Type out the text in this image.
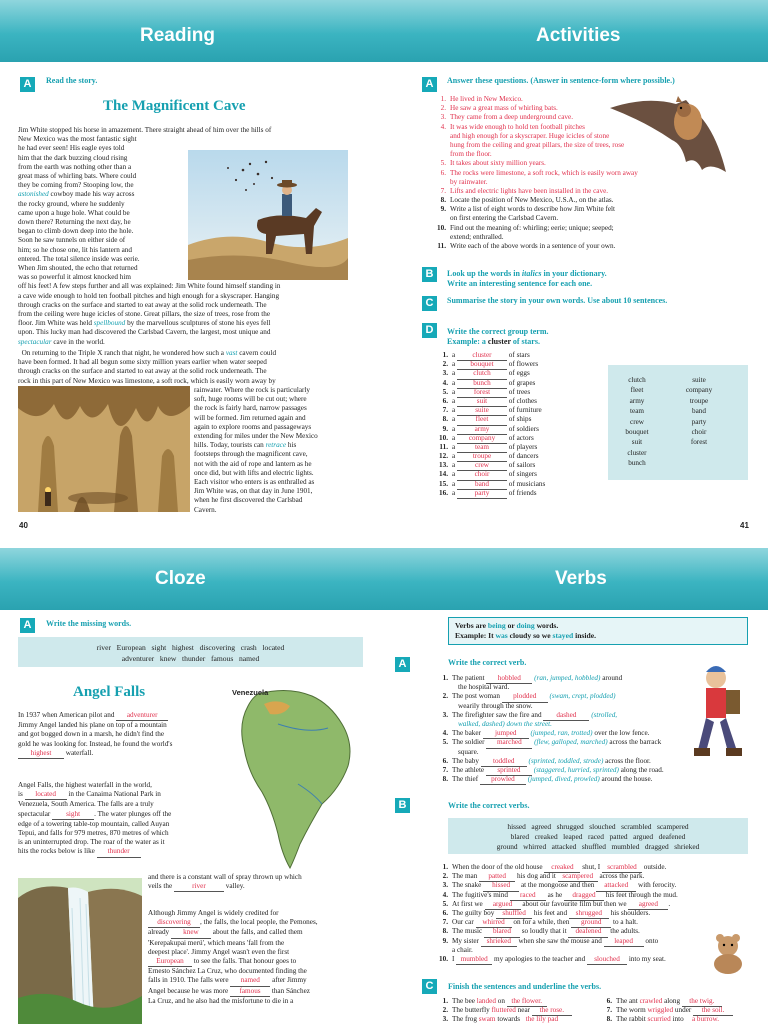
Reading	Activities
Cloze	Verbs
A	Read the story.
The Magnificent Cave
Jim White stopped his horse in amazement. There straight ahead of him over the hills of
New Mexico was the most fantastic sight
he had ever seen! His eagle eyes told
him that the dark buzzing cloud rising
from the earth was nothing other than a
great mass of whirling bats. Where could
they be coming from? Stooping low, the
astonished cowboy made his way across
the rocky ground, where he suddenly
came upon a huge hole. What could be
down there? Returning the next day, he
began to climb down deep into the hole.
Soon he saw tunnels on either side of
him; so he chose one, lit his lantern and
entered. The total silence inside was eerie.
When Jim shouted, the echo that returned
was so powerful it almost knocked him
off his feet! A few steps further and all was explained: Jim White found himself standing in
a cave wide enough to hold ten football pitches and high enough for a skyscraper. Hanging
through cracks on the surface and started to eat away at the solid rock underneath. The
from the ceiling were huge icicles of stone. Great pillars, the size of trees, rose from the
floor. Jim White was held spellbound by the marvellous sculptures of stone his eyes fell
upon. This lucky man had discovered the Carlsbad Cavern, the largest, most unique and
spectacular cave in the world.
On returning to the Triple X ranch that night, he wondered how such a vast cavern could
have been formed. It had all begun some sixty million years earlier when water seeped
through cracks on the surface and started to eat away at the solid rock underneath. The
rock in this part of New Mexico was limestone, a soft rock, which is easily worn away by
rainwater. Where the rock is particularly
soft, huge rooms will be cut out; where
the rock is fairly hard, narrow passages
will be formed. Jim returned again and
again to explore rooms and passageways
extending for miles under the New Mexico
hills. Today, tourists can retrace his
footsteps through the magnificent cave,
not with the aid of rope and lantern as he
once did, but with lifts and electric lights.
Each visitor who enters is as enthralled as
Jim White was, on that day in June 1901,
when he first discovered the Carlsbad
Cavern.
40
A	Answer these questions. (Answer in sentence-form where possible.)
1. He lived in New Mexico.
2. He saw a great mass of whirling bats.
3. They came from a deep underground cave.
4. It was wide enough to hold ten football pitches
and high enough for a skyscraper. Huge icicles of stone
hung from the ceiling and great pillars, the size of trees, rose
from the floor.
5. It takes about sixty million years.
6. The rocks were limestone, a soft rock, which is easily worn away
by rainwater.
7. Lifts and electric lights have been installed in the cave.
8. Locate the position of New Mexico, U.S.A., on the atlas.
9. Write a list of eight words to describe how Jim White felt
on first entering the Carlsbad Cavern.
10. Find out the meaning of: whirling; eerie; unique; seeped;
extend; enthralled.
11. Write each of the above words in a sentence of your own.
B	Look up the words in italics in your dictionary.
Write an interesting sentence for each one.
C	Summarise the story in your own words. Use about 10 sentences.
D	Write the correct group term.
Example: a cluster of stars.
1. a cluster of stars
2. a bouquet of flowers
3. a clutch of eggs
4. a bunch of grapes
5. a forest of trees
6. a	suit	of clothes
7. a	suite	of furniture
8. a	fleet	of ships
9. a army of soldiers
10. a company of actors
11. a	team	of players
12. a troupe of dancers
13. a	crew	of sailors
14. a choir of singers
15. a	band	of musicians
16. a party of friends
clutch
fleet
army
team
crew
bouquet
suit
cluster
bunch
suite
company
troupe
band
party
choir
forest
41
A	Write the missing words.
river   European   sight   highest   discovering   crash   located
adventurer   knew   thunder   famous   named
Angel Falls	Venezuela
In 1937 when American pilot and adventurer
Jimmy Angel landed his plane on top of a mountain
and got bogged down in a marsh, he didn't find the
gold he was looking for. Instead, he found the world's
highest waterfall.
Angel Falls, the highest waterfall in the world,
is located in the Canaima National Park in
Venezuela, South America. The falls are a truly
spectacular sight . The water plunges off the
edge of a towering table-top mountain, called Auyan
Tepui, and falls for 979 metres, 870 metres of which
is an uninterrupted drop. The roar of the water as it
hits the rocks below is like thunder
and there is a constant wall of spray thrown up which
veils the	river	valley.
Although Jimmy Angel is widely credited for
discovering , the falls, the local people, the Pemones,
already knew about the falls, and called them
'Kerepakupai merú', which means 'fall from the
deepest place'. Jimmy Angel wasn't even the first
European to see the falls. That honour goes to
Ernesto Sánchez La Cruz, who documented finding the
falls in 1910. The falls were named after Jimmy
Angel because he was more famous than Sánchez
La Cruz, and he also had the misfortune to die in a
Verbs are being or doing words.
Example: It was cloudy so we stayed inside.
A	Write the correct verb.
1. The patient hobbled (ran, jumped, hobbled) around
the hospital ward.
2. The post woman plodded (swam, crept, plodded)
wearily through the snow.
3. The firefighter saw the fire and dashed (strolled,
walked, dashed) down the street.
4. The baker jumped (jumped, ran, trotted) over the low fence.
5. The soldier marched (flew, galloped, marched) across the barrack
square.
6. The baby toddled (sprinted, toddled, strode) across the floor.
7. The athlete sprinted (staggered, hurried, sprinted) along the road.
8. The thief prowled (jumped, dived, prowled) around the house.
B	Write the correct verbs.
hissed   agreed   shrugged   slouched   scrambled   scampered
blared   creaked   leaped   raced   patted   argued   deafened
ground   whirred   attacked   shuffled   mumbled   dragged   shrieked
1. When the door of the old house creaked shut, I scrambled outside.
2. The man patted his dog and it scampered across the park.
3. The snake hissed at the mongoose and then attacked with ferocity.
4. The fugitive's mind raced as he dragged his feet through the mud.
5. At first we argued about our favourite film but then we agreed .
6. The guilty boy shuffled his feet and shrugged his shoulders.
7. Our car whirred on for a while, then ground to a halt.
8. The music blared so loudly that it deafened the adults.
9. My sister shrieked when she saw the mouse and leaped onto
a chair.
10. I mumbled my apologies to the teacher and slouched into my seat.
C	Finish the sentences and underline the verbs.
1. The bee landed on the flower.
2. The butterfly fluttered near the rose.
3. The frog swam towards the lily pad
6. The ant crawled along the twig.
7. The worm wriggled under the soil.
8. The rabbit scurried into a burrow.
